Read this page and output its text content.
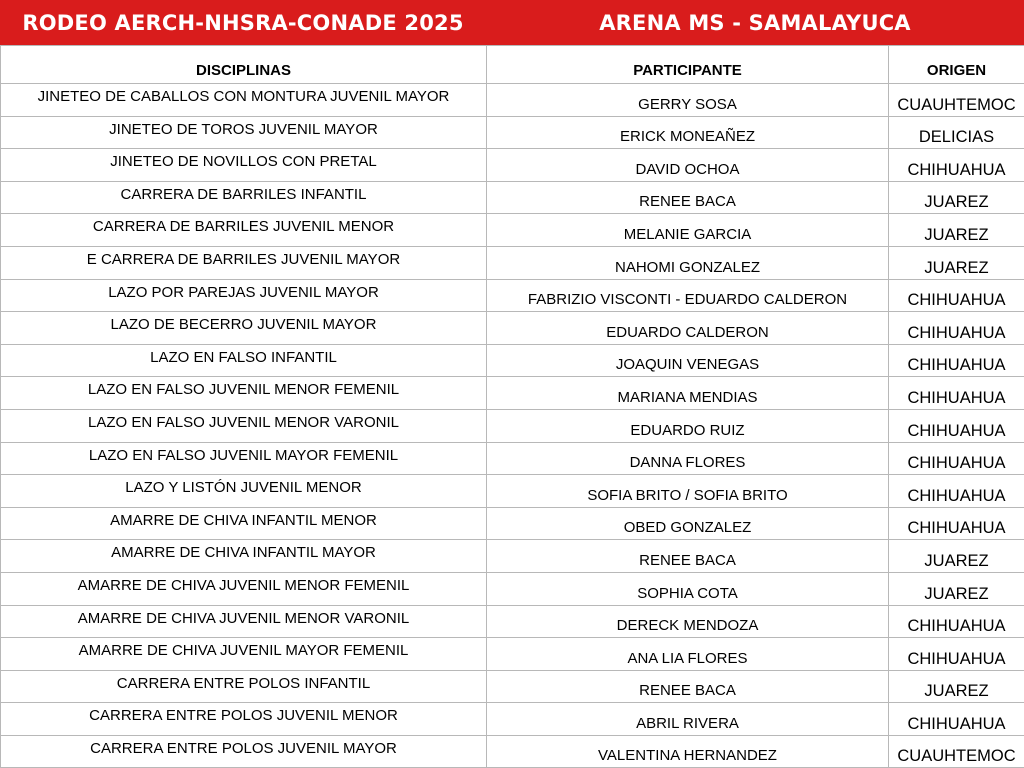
RODEO AERCH-NHSRA-CONADE 2025	ARENA MS - SAMALAYUCA
DISCIPLINAS	PARTICIPANTE	ORIGEN
JINETEO DE CABALLOS CON MONTURA JUVENIL MAYOR	GERRY SOSA	CUAUHTEMOC
JINETEO DE TOROS JUVENIL MAYOR	ERICK MONEAÑEZ	DELICIAS
JINETEO DE NOVILLOS CON PRETAL	DAVID OCHOA	CHIHUAHUA
CARRERA DE BARRILES INFANTIL	RENEE BACA	JUAREZ
CARRERA DE BARRILES JUVENIL MENOR	MELANIE GARCIA	JUAREZ
E CARRERA DE BARRILES JUVENIL MAYOR	NAHOMI GONZALEZ	JUAREZ
LAZO POR PAREJAS JUVENIL MAYOR	FABRIZIO VISCONTI - EDUARDO CALDERON	CHIHUAHUA
LAZO DE BECERRO JUVENIL MAYOR	EDUARDO CALDERON	CHIHUAHUA
LAZO EN FALSO INFANTIL	JOAQUIN VENEGAS	CHIHUAHUA
LAZO EN FALSO JUVENIL MENOR FEMENIL	MARIANA MENDIAS	CHIHUAHUA
LAZO EN FALSO JUVENIL MENOR VARONIL	EDUARDO RUIZ	CHIHUAHUA
LAZO EN FALSO JUVENIL MAYOR FEMENIL	DANNA FLORES	CHIHUAHUA
LAZO Y LISTÓN JUVENIL MENOR	SOFIA BRITO / SOFIA BRITO	CHIHUAHUA
AMARRE DE CHIVA INFANTIL MENOR	OBED GONZALEZ	CHIHUAHUA
AMARRE DE CHIVA INFANTIL MAYOR	RENEE BACA	JUAREZ
AMARRE DE CHIVA JUVENIL MENOR FEMENIL	SOPHIA COTA	JUAREZ
AMARRE DE CHIVA JUVENIL MENOR VARONIL	DERECK MENDOZA	CHIHUAHUA
AMARRE DE CHIVA JUVENIL MAYOR FEMENIL	ANA LIA FLORES	CHIHUAHUA
CARRERA ENTRE POLOS INFANTIL	RENEE BACA	JUAREZ
CARRERA ENTRE POLOS JUVENIL MENOR	ABRIL RIVERA	CHIHUAHUA
CARRERA ENTRE POLOS JUVENIL MAYOR	VALENTINA HERNANDEZ	CUAUHTEMOC
